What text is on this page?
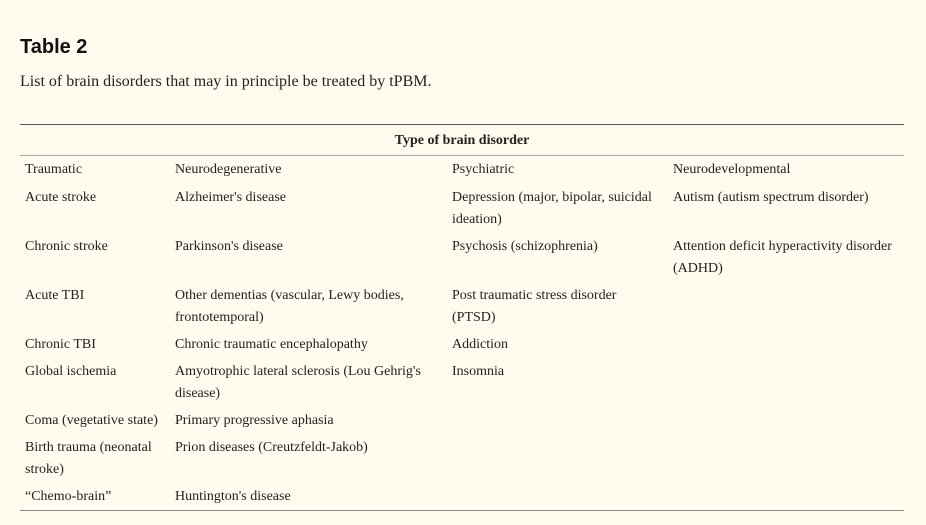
Table 2

List of brain disorders that may in principle be treated by tPBM.

Type of brain disorder			
Traumatic	Neurodegenerative	Psychiatric	Neurodevelopmental
Acute stroke	Alzheimer's disease	Depression (major, bipolar, suicidal ideation)	Autism (autism spectrum disorder)
Chronic stroke	Parkinson's disease	Psychosis (schizophrenia)	Attention deficit hyperactivity disorder (ADHD)
Acute TBI	Other dementias (vascular, Lewy bodies, frontotemporal)	Post traumatic stress disorder (PTSD)	
Chronic TBI	Chronic traumatic encephalopathy	Addiction	
Global ischemia	Amyotrophic lateral sclerosis (Lou Gehrig's disease)	Insomnia	
Coma (vegetative state)	Primary progressive aphasia		
Birth trauma (neonatal stroke)	Prion diseases (Creutzfeldt-Jakob)		
“Chemo-brain”	Huntington's disease		
